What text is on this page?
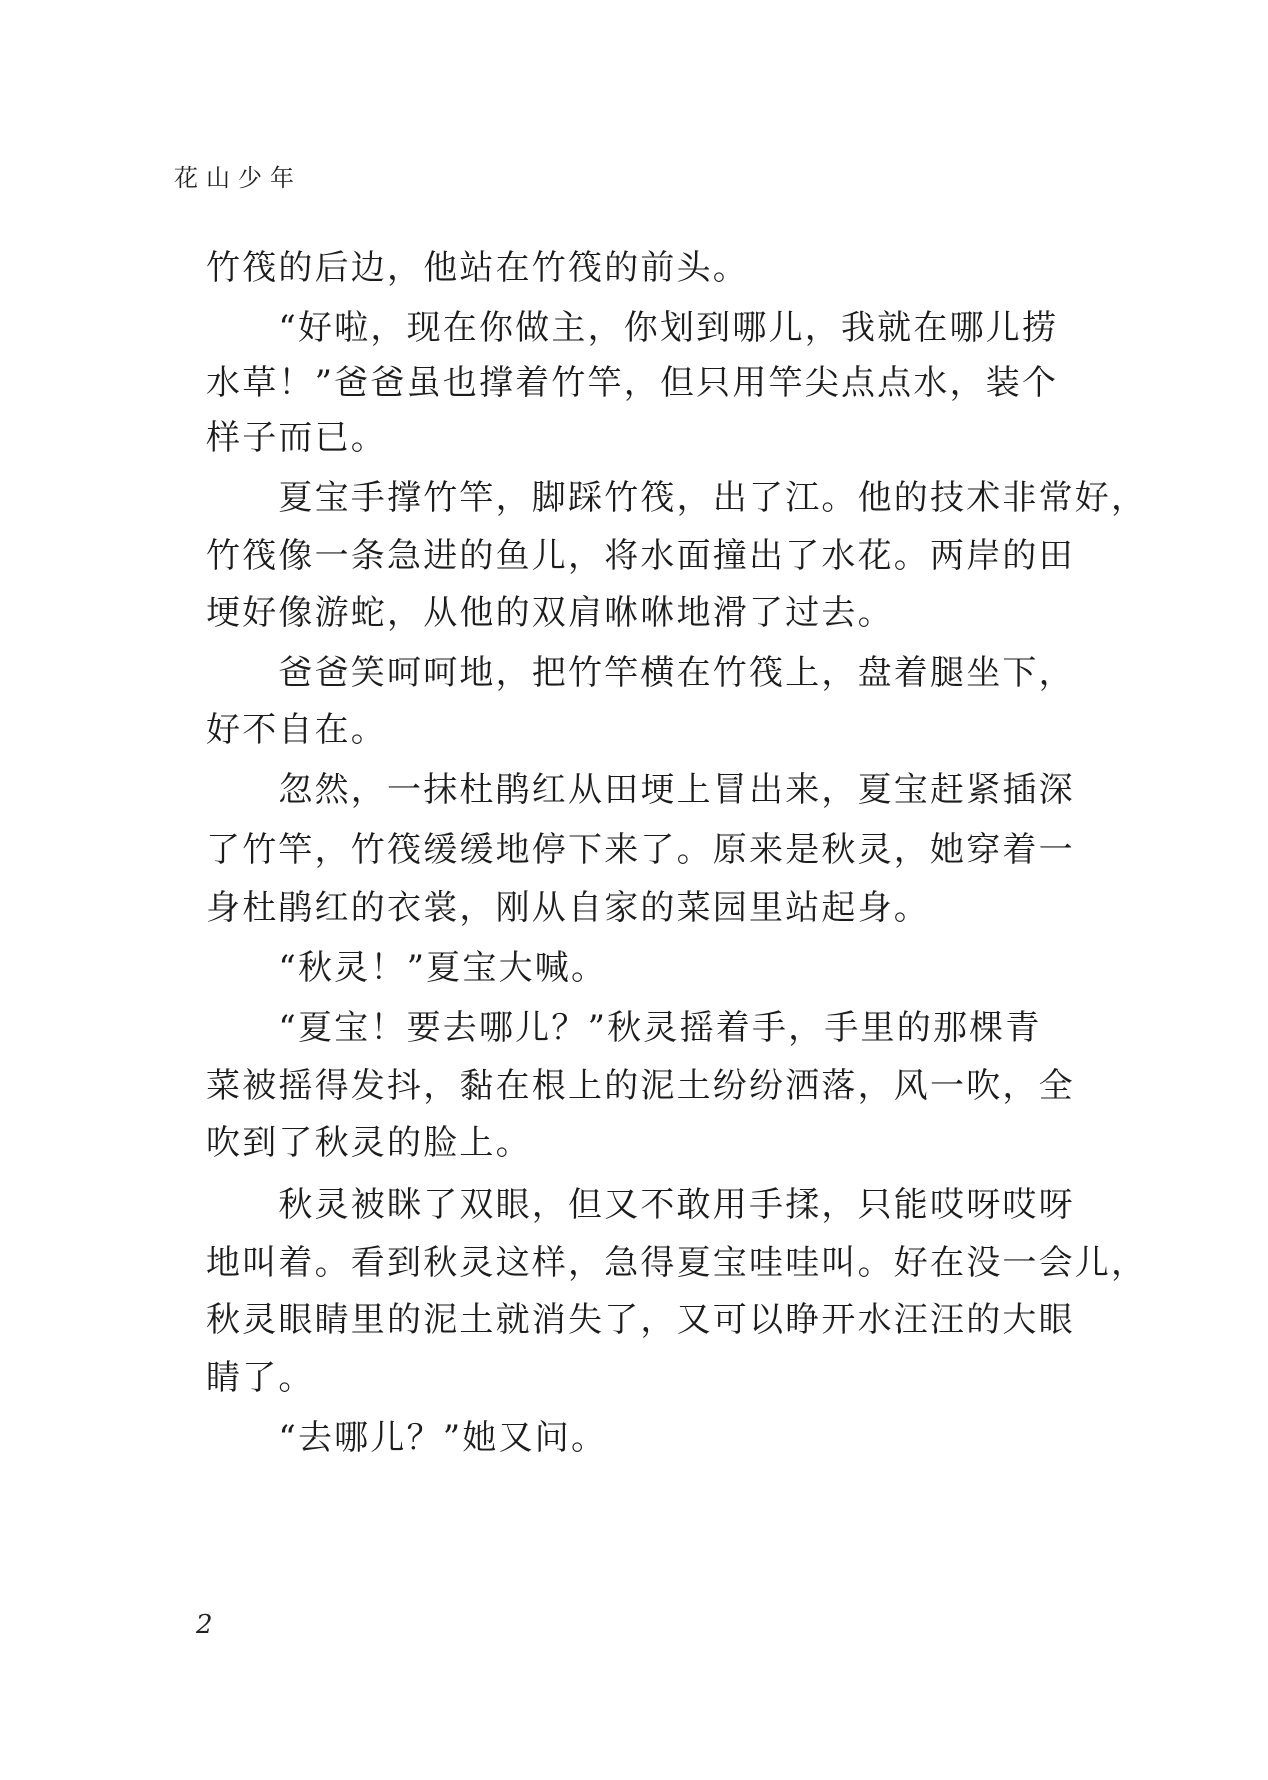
花山少年
竹筏的后边，他站在竹筏的前头。
　　“好啦，现在你做主，你划到哪儿，我就在哪儿捞
水草！”爸爸虽也撑着竹竿，但只用竿尖点点水，装个
样子而已。
　　夏宝手撑竹竿，脚踩竹筏，出了江。他的技术非常好，
竹筏像一条急进的鱼儿，将水面撞出了水花。两岸的田
埂好像游蛇，从他的双肩咻咻地滑了过去。
　　爸爸笑呵呵地，把竹竿横在竹筏上，盘着腿坐下，
好不自在。
　　忽然，一抹杜鹃红从田埂上冒出来，夏宝赶紧插深
了竹竿，竹筏缓缓地停下来了。原来是秋灵，她穿着一
身杜鹃红的衣裳，刚从自家的菜园里站起身。
　　“秋灵！”夏宝大喊。
　　“夏宝！要去哪儿？”秋灵摇着手，手里的那棵青
菜被摇得发抖，黏在根上的泥土纷纷洒落，风一吹，全
吹到了秋灵的脸上。
　　秋灵被眯了双眼，但又不敢用手揉，只能哎呀哎呀
地叫着。看到秋灵这样，急得夏宝哇哇叫。好在没一会儿，
秋灵眼睛里的泥土就消失了，又可以睁开水汪汪的大眼
睛了。
　　“去哪儿？”她又问。
2
